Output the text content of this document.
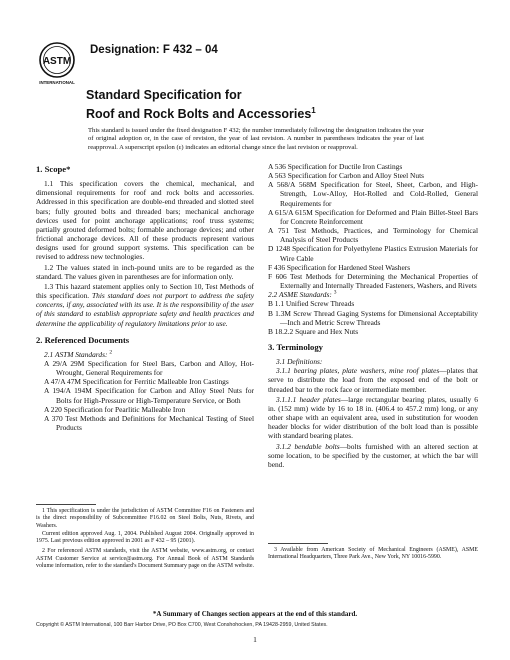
ASTM
INTERNATIONAL
Designation: F 432 – 04
Standard Specification for
Roof and Rock Bolts and Accessories$^1$
This standard is issued under the fixed designation F 432; the number immediately following the designation indicates the year of original adoption or, in the case of revision, the year of last revision. A number in parentheses indicates the year of last reapproval. A superscript epsilon (ε) indicates an editorial change since the last revision or reapproval.
1. Scope*
1.1 This specification covers the chemical, mechanical, and dimensional requirements for roof and rock bolts and accessories. Addressed in this specification are double-end threaded and slotted steel bars; fully grouted bolts and threaded bars; mechanical anchorage devices used for point anchorage applications; roof truss systems; partially grouted deformed bolts; formable anchorage devices; and other frictional anchorage devices. All of these products represent various designs used for ground support systems. This specification can be revised to address new technologies.
1.2 The values stated in inch-pound units are to be regarded as the standard. The values given in parentheses are for information only.
1.3 This hazard statement applies only to Section 10, Test Methods of this specification. This standard does not purport to address the safety concerns, if any, associated with its use. It is the responsibility of the user of this standard to establish appropriate safety and health practices and determine the applicability of regulatory limitations prior to use.
2. Referenced Documents
2.1 ASTM Standards: $^2$
A 29/A 29M Specification for Steel Bars, Carbon and Alloy, Hot-Wrought, General Requirements for
A 47/A 47M Specification for Ferritic Malleable Iron Castings
A 194/A 194M Specification for Carbon and Alloy Steel Nuts for Bolts for High-Pressure or High-Temperature Service, or Both
A 220 Specification for Pearlitic Malleable Iron
A 370 Test Methods and Definitions for Mechanical Testing of Steel Products
A 536 Specification for Ductile Iron Castings
A 563 Specification for Carbon and Alloy Steel Nuts
A 568/A 568M Specification for Steel, Sheet, Carbon, and High-Strength, Low-Alloy, Hot-Rolled and Cold-Rolled, General Requirements for
A 615/A 615M Specification for Deformed and Plain Billet-Steel Bars for Concrete Reinforcement
A 751 Test Methods, Practices, and Terminology for Chemical Analysis of Steel Products
D 1248 Specification for Polyethylene Plastics Extrusion Materials for Wire Cable
F 436 Specification for Hardened Steel Washers
F 606 Test Methods for Determining the Mechanical Properties of Externally and Internally Threaded Fasteners, Washers, and Rivets
2.2 ASME Standards: $^3$
B 1.1 Unified Screw Threads
B 1.3M Screw Thread Gaging Systems for Dimensional Acceptability—Inch and Metric Screw Threads
B 18.2.2 Square and Hex Nuts
3. Terminology
3.1 Definitions:
3.1.1 bearing plates, plate washers, mine roof plates—plates that serve to distribute the load from the exposed end of the bolt or threaded bar to the rock face or intermediate member.
3.1.1.1 header plates—large rectangular bearing plates, usually 6 in. (152 mm) wide by 16 to 18 in. (406.4 to 457.2 mm) long, or any other shape with an equivalent area, used in substitution for wooden header blocks for wider distribution of the bolt load than is possible with standard bearing plates.
3.1.2 bendable bolts—bolts furnished with an altered section at some location, to be specified by the customer, at which the bar will bend.

1 This specification is under the jurisdiction of ASTM Committee F16 on Fasteners and is the direct responsibility of Subcommittee F16.02 on Steel Bolts, Nuts, Rivets, and Washers.

Current edition approved Aug. 1, 2004. Published August 2004. Originally approved in 1975. Last previous edition approved in 2001 as F 432 – 95 (2001).

2 For referenced ASTM standards, visit the ASTM website, www.astm.org, or contact ASTM Customer Service at service@astm.org. For Annual Book of ASTM Standards volume information, refer to the standard's Document Summary page on the ASTM website.

3 Available from American Society of Mechanical Engineers (ASME), ASME International Headquarters, Three Park Ave., New York, NY 10016-5990.

*A Summary of Changes section appears at the end of this standard.
Copyright © ASTM International, 100 Barr Harbor Drive, PO Box C700, West Conshohocken, PA 19428-2959, United States.
1
